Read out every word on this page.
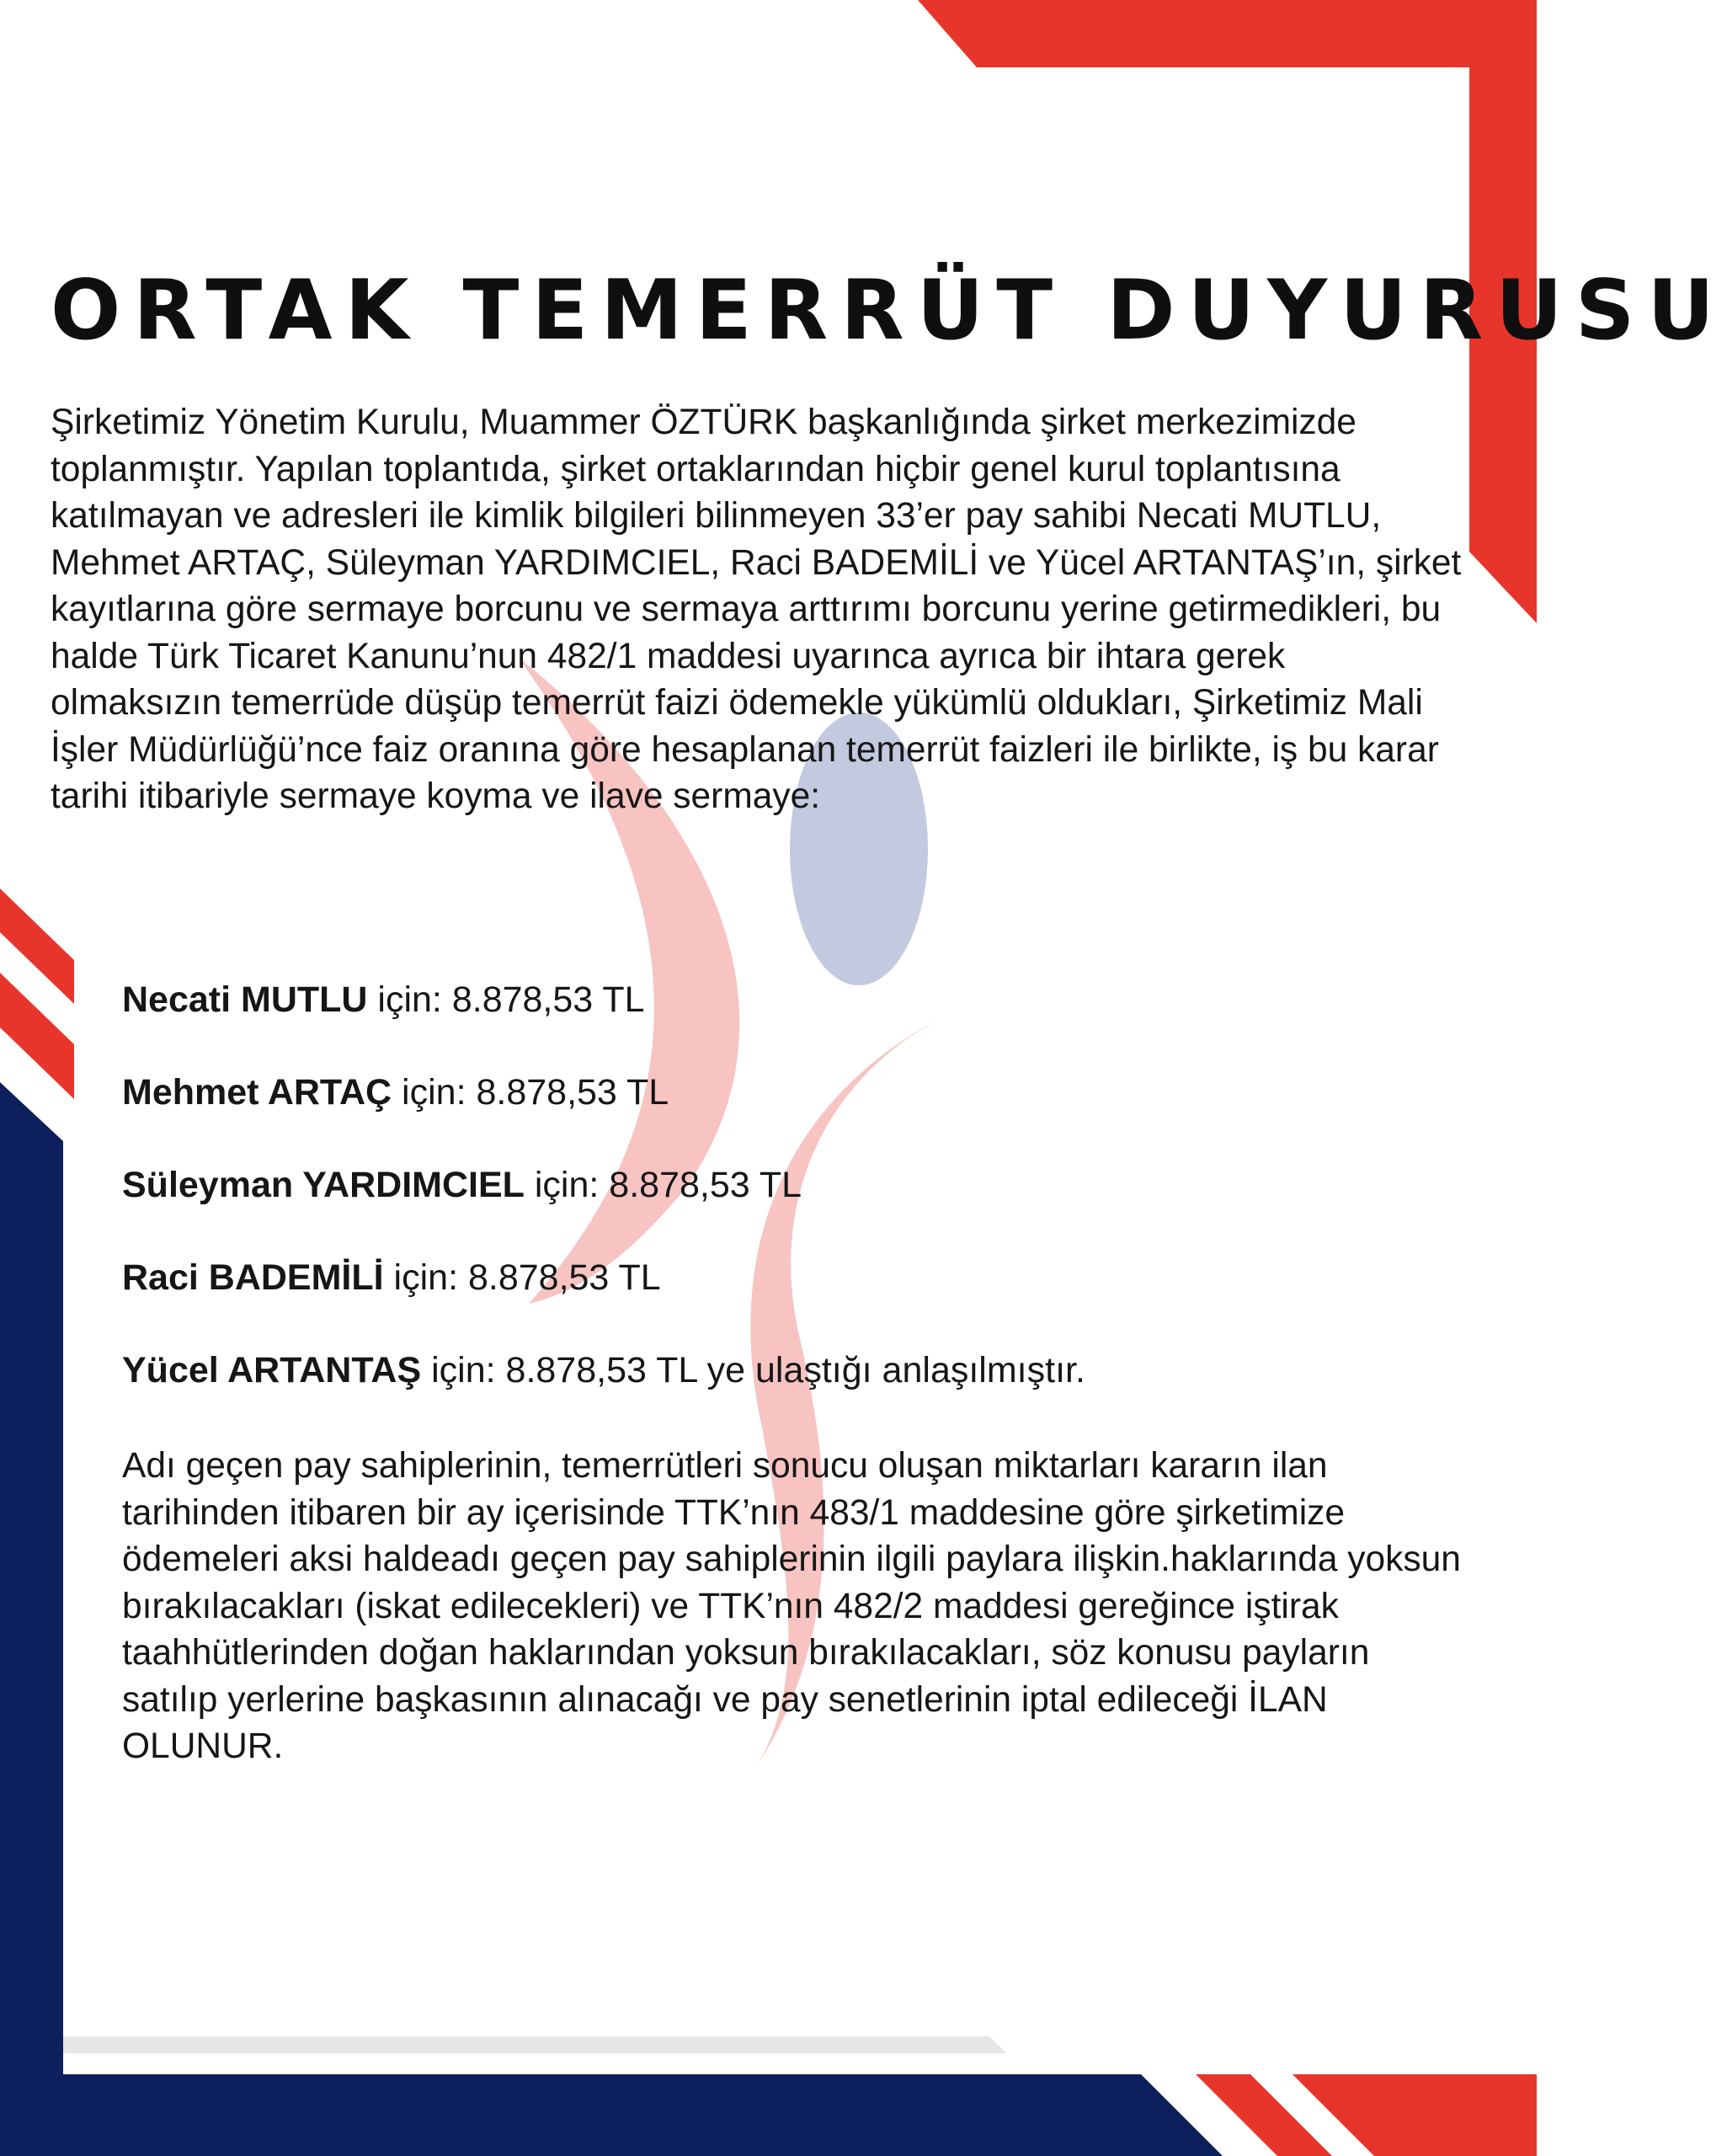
ORTAK TEMERRÜT DUYURUSU

Şirketimiz Yönetim Kurulu, Muammer ÖZTÜRK başkanlığında şirket merkezimizde toplanmıştır. Yapılan toplantıda, şirket ortaklarından hiçbir genel kurul toplantısına katılmayan ve adresleri ile kimlik bilgileri bilinmeyen 33’er pay sahibi Necati MUTLU, Mehmet ARTAÇ, Süleyman YARDIMCIEL, Raci BADEMİLİ ve Yücel ARTANTAŞ’ın, şirket kayıtlarına göre sermaye borcunu ve sermaya arttırımı borcunu yerine getirmedikleri, bu halde Türk Ticaret Kanunu’nun 482/1 maddesi uyarınca ayrıca bir ihtara gerek olmaksızın temerrüde düşüp temerrüt faizi ödemekle yükümlü oldukları, Şirketimiz Mali İşler Müdürlüğü’nce faiz oranına göre hesaplanan temerrüt faizleri ile birlikte, iş bu karar tarihi itibariyle sermaye koyma ve ilave sermaye:

Necati MUTLU için: 8.878,53 TL

Mehmet ARTAÇ için: 8.878,53 TL

Süleyman YARDIMCIEL için: 8.878,53 TL

Raci BADEMİLİ için: 8.878,53 TL

Yücel ARTANTAŞ için: 8.878,53 TL ye ulaştığı anlaşılmıştır.

Adı geçen pay sahiplerinin, temerrütleri sonucu oluşan miktarları kararın ilan tarihinden itibaren bir ay içerisinde TTK’nın 483/1 maddesine göre şirketimize ödemeleri aksi haldeadı geçen pay sahiplerinin ilgili paylara ilişkin.haklarında yoksun bırakılacakları (iskat edilecekleri) ve TTK’nın 482/2 maddesi gereğince iştirak taahhütlerinden doğan haklarından yoksun bırakılacakları, söz konusu payların satılıp yerlerine başkasının alınacağı ve pay senetlerinin iptal edileceği İLAN OLUNUR.
